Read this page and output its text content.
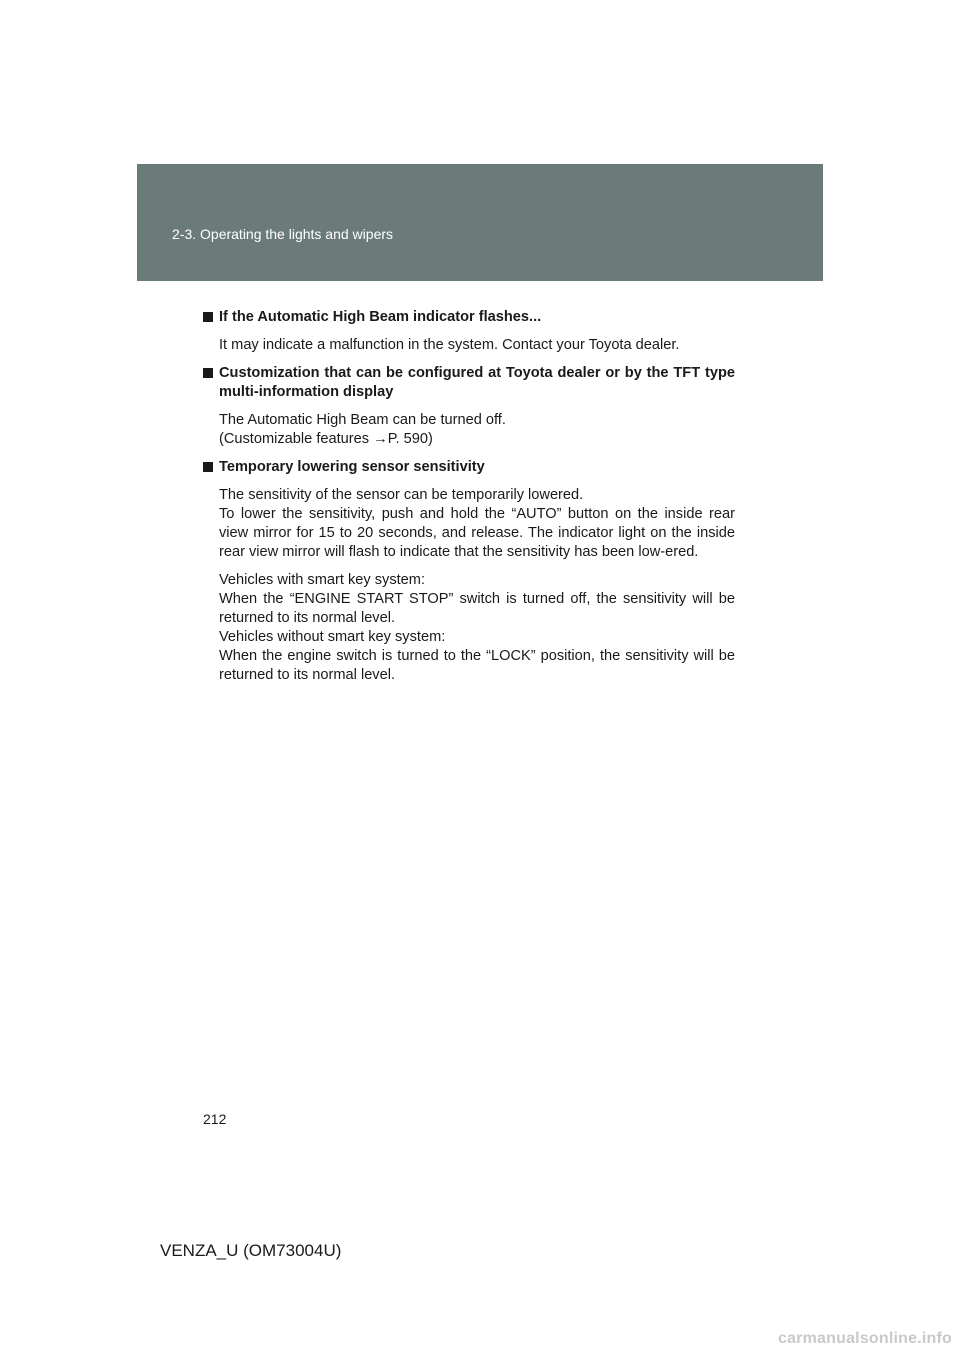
2-3. Operating the lights and wipers
If the Automatic High Beam indicator flashes...
It may indicate a malfunction in the system. Contact your Toyota dealer.
Customization that can be configured at Toyota dealer or by the TFT type multi-information display
The Automatic High Beam can be turned off.
(Customizable features →P. 590)
Temporary lowering sensor sensitivity
The sensitivity of the sensor can be temporarily lowered.
To lower the sensitivity, push and hold the “AUTO” button on the inside rear view mirror for 15 to 20 seconds, and release. The indicator light on the inside rear view mirror will flash to indicate that the sensitivity has been low-ered.
Vehicles with smart key system:
When the “ENGINE START STOP” switch is turned off, the sensitivity will be returned to its normal level.
Vehicles without smart key system:
When the engine switch is turned to the “LOCK” position, the sensitivity will be returned to its normal level.
212
VENZA_U (OM73004U)
carmanualsonline.info
